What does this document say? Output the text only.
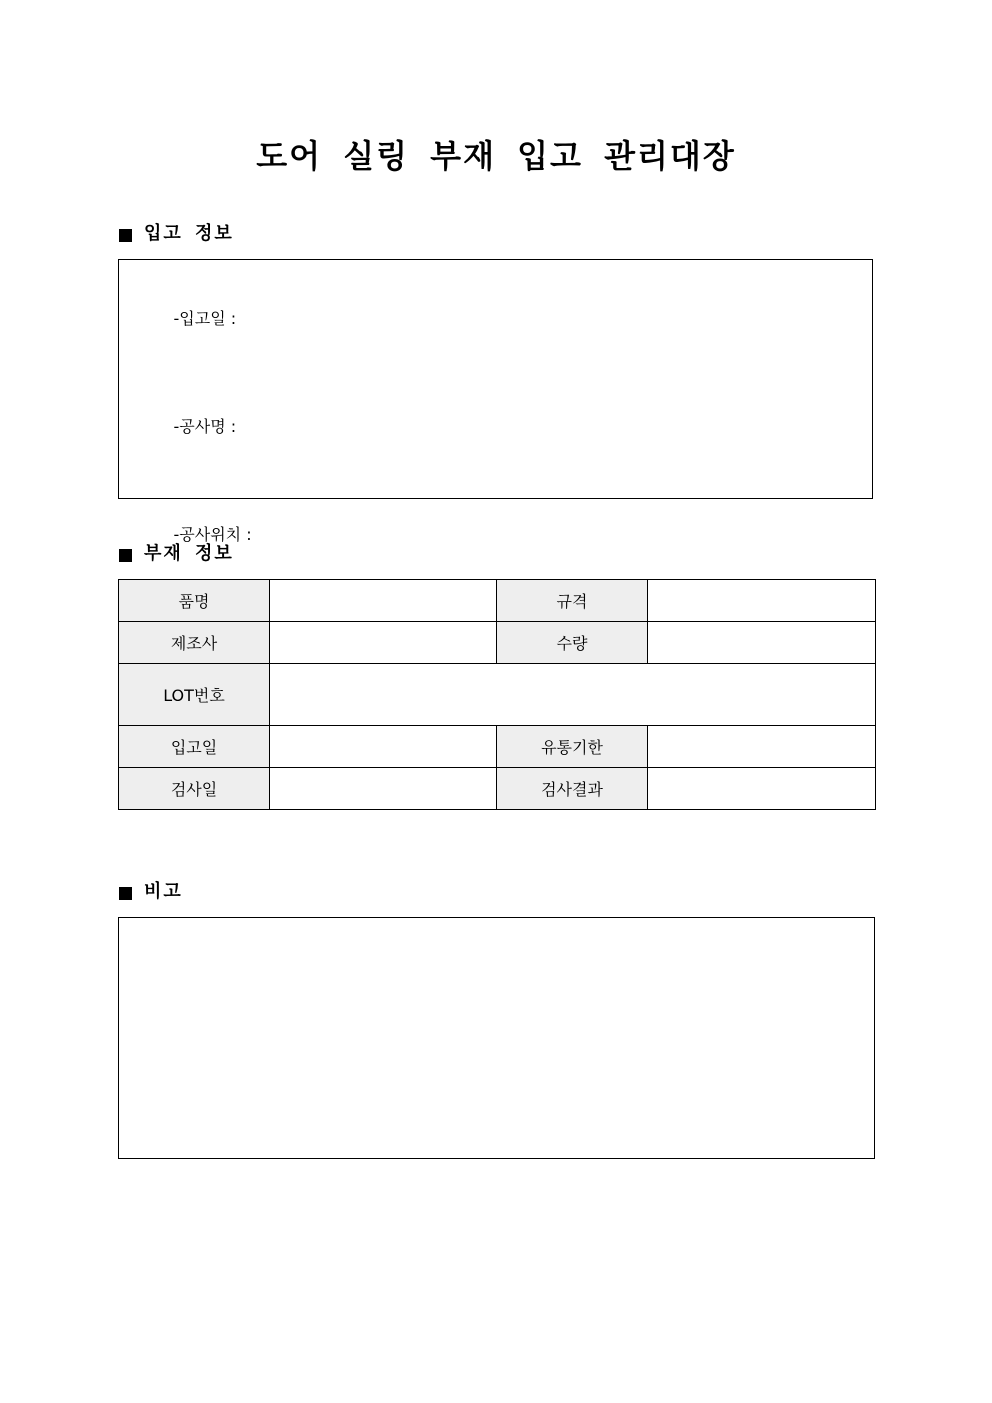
도어 실링 부재 입고 관리대장
입고 정보

-입고일 :

-공사명 :

-공사위치 :

부재 정보
품명		규격	
제조사		수량	
LOT번호			
입고일		유통기한	
검사일		검사결과	
비고
